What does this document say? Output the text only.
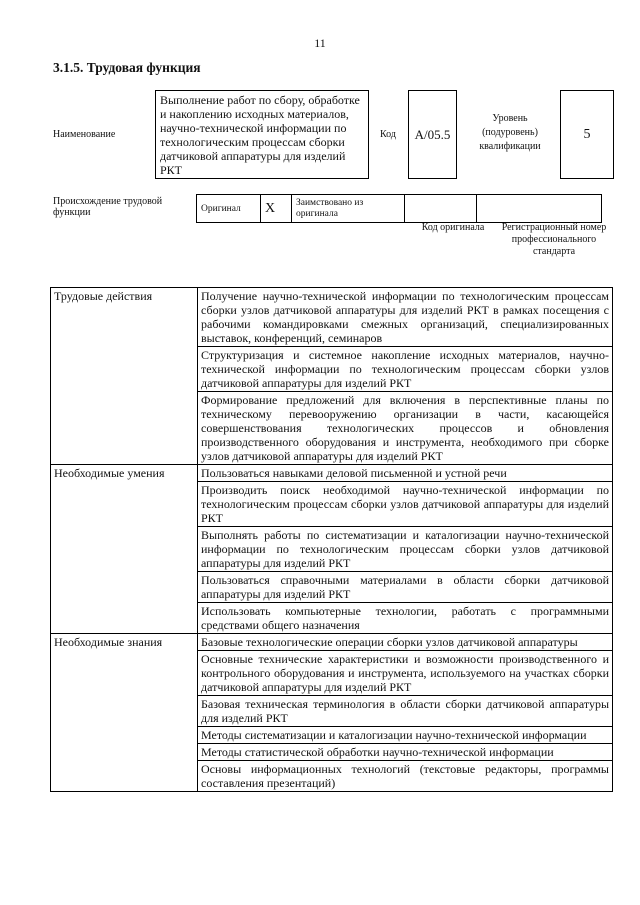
11
3.1.5. Трудовая функция
Наименование
Выполнение работ по сбору, обработке и накоплению исходных материалов, научно-технической информации по технологическим процессам сборки датчиковой аппаратуры для изделий РКТ
Код	A/05.5
Уровень (подуровень) квалификации
5
Происхождение трудовой функции	Оригинал	X	Заимствовано из оригинала		
Код оригинала	Регистрационный номер профессионального стандарта
Трудовые действия	Получение научно-технической информации по технологическим процессам сборки узлов датчиковой аппаратуры для изделий РКТ в рамках посещения с рабочими командировками смежных организаций, специализированных выставок, конференций, семинаров
	Структуризация и системное накопление исходных материалов, научно-технической информации по технологическим процессам сборки узлов датчиковой аппаратуры для изделий РКТ
	Формирование предложений для включения в перспективные планы по техническому перевооружению организации в части, касающейся совершенствования технологических процессов и обновления производственного оборудования и инструмента, необходимого при сборке узлов датчиковой аппаратуры для изделий РКТ
Необходимые умения	Пользоваться навыками деловой письменной и устной речи
	Производить поиск необходимой научно-технической информации по технологическим процессам сборки узлов датчиковой аппаратуры для изделий РКТ
	Выполнять работы по систематизации и каталогизации научно-технической информации по технологическим процессам сборки узлов датчиковой аппаратуры для изделий РКТ
	Пользоваться справочными материалами в области сборки датчиковой аппаратуры для изделий РКТ
	Использовать компьютерные технологии, работать с программными средствами общего назначения
Необходимые знания	Базовые технологические операции сборки узлов датчиковой аппаратуры
	Основные технические характеристики и возможности производственного и контрольного оборудования и инструмента, используемого на участках сборки датчиковой аппаратуры для изделий РКТ
	Базовая техническая терминология в области сборки датчиковой аппаратуры для изделий РКТ
	Методы систематизации и каталогизации научно-технической информации
	Методы статистической обработки научно-технической информации
	Основы информационных технологий (текстовые редакторы, программы составления презентаций)
